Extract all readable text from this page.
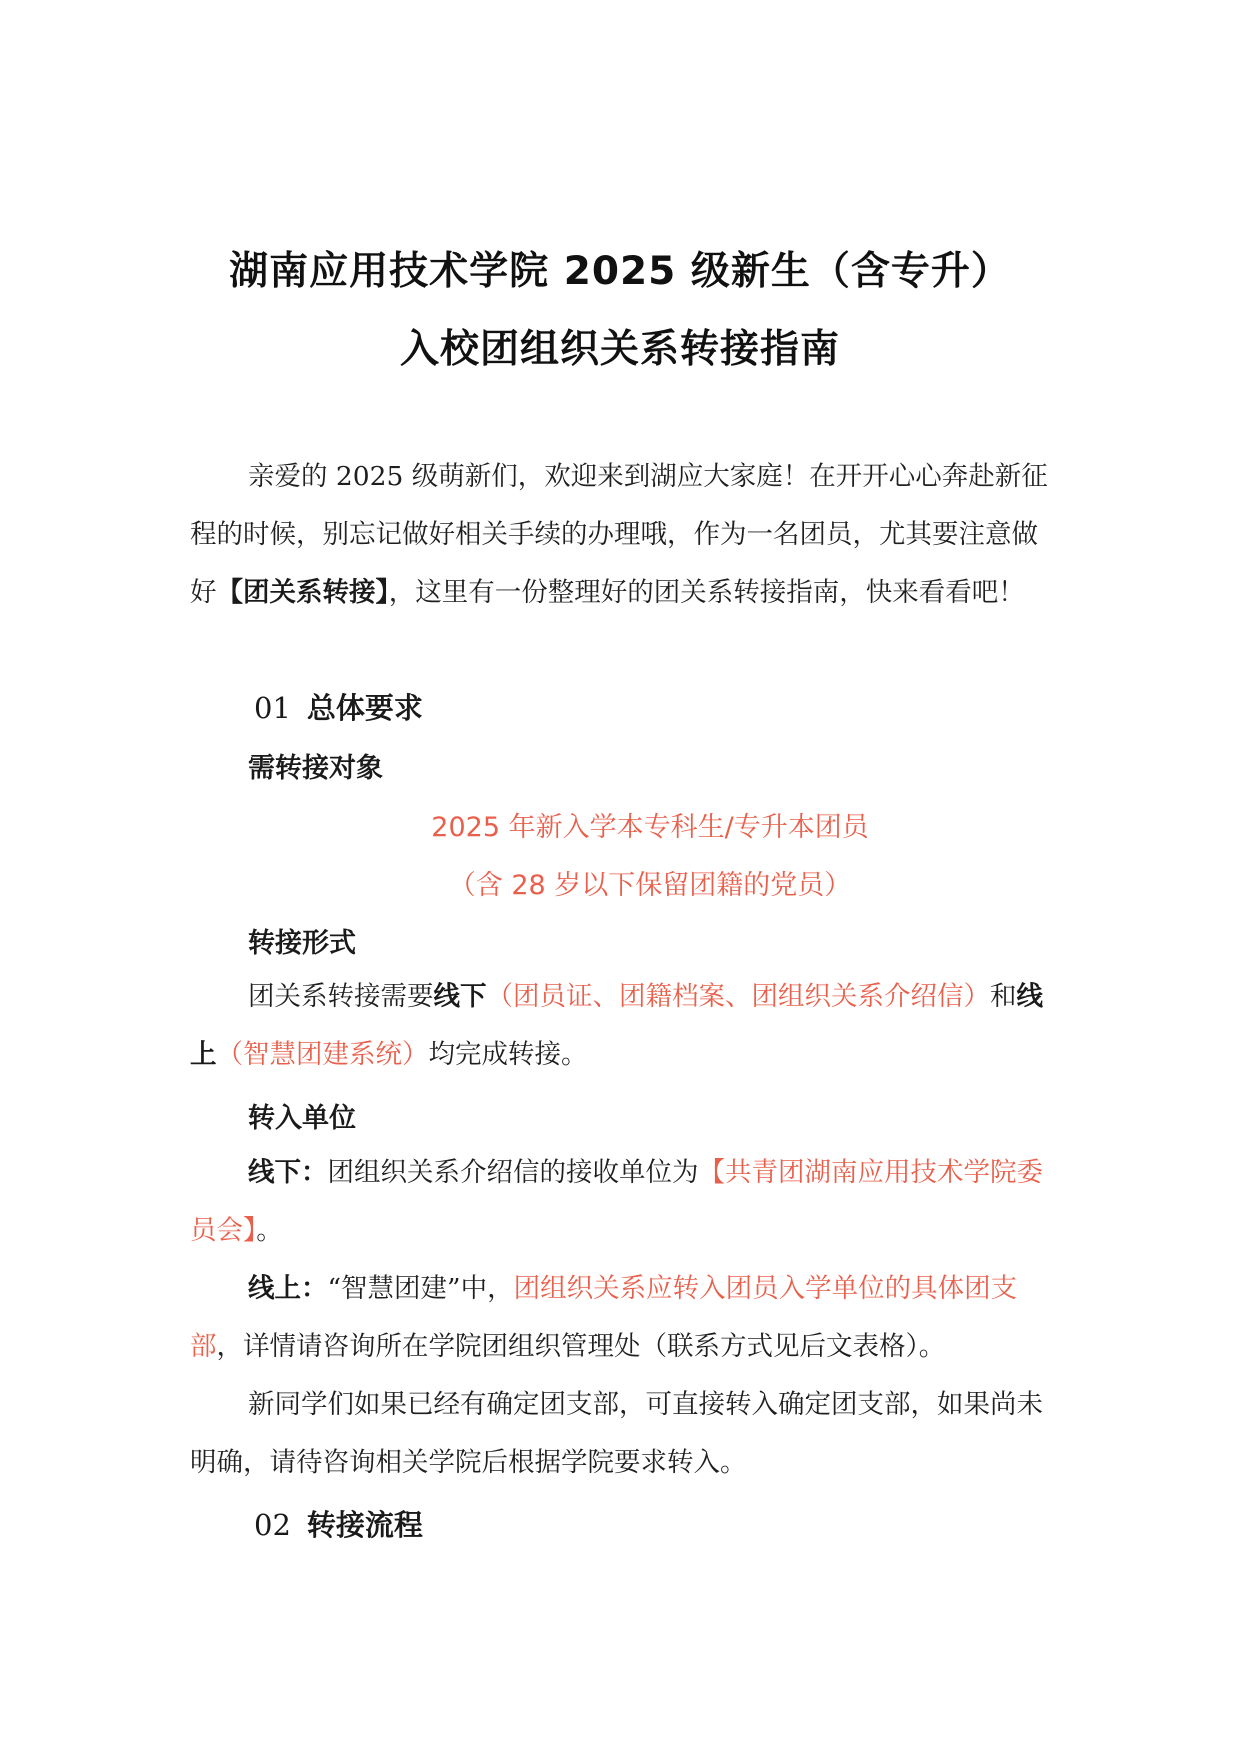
湖南应用技术学院 2025 级新生（含专升）
入校团组织关系转接指南

亲爱的 2025 级萌新们，欢迎来到湖应大家庭！在开开心心奔赴新征程的时候，别忘记做好相关手续的办理哦，作为一名团员，尤其要注意做好【团关系转接】，这里有一份整理好的团关系转接指南，快来看看吧！

01 总体要求
需转接对象
2025 年新入学本专科生/专升本团员
（含 28 岁以下保留团籍的党员）
转接形式

团关系转接需要线下（团员证、团籍档案、团组织关系介绍信）和线上（智慧团建系统）均完成转接。

转入单位

线下：团组织关系介绍信的接收单位为【共青团湖南应用技术学院委员会】。

线上：“智慧团建”中，团组织关系应转入团员入学单位的具体团支部，详情请咨询所在学院团组织管理处（联系方式见后文表格）。

新同学们如果已经有确定团支部，可直接转入确定团支部，如果尚未明确，请待咨询相关学院后根据学院要求转入。

02 转接流程
